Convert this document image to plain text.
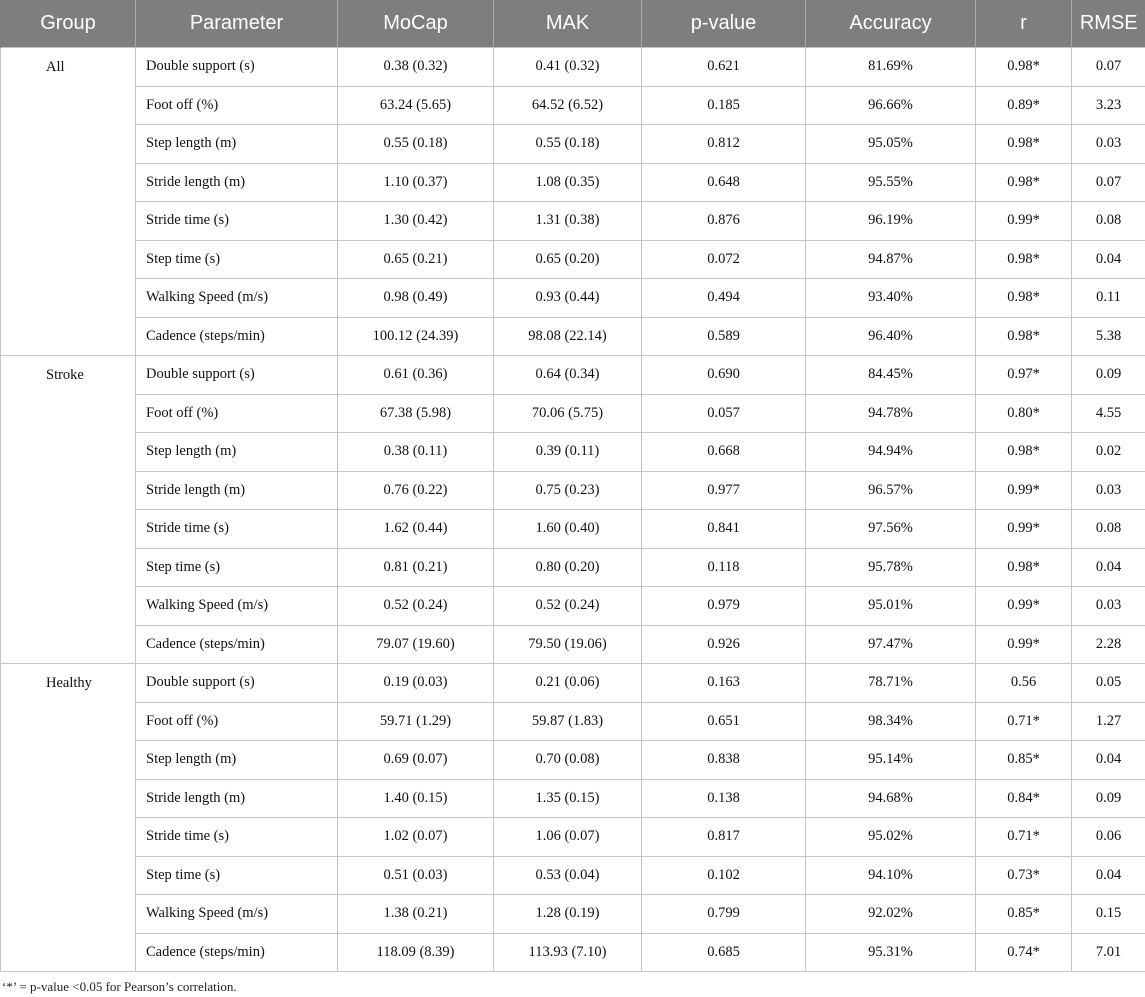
Group	Parameter	MoCap	MAK	p-value	Accuracy	r	RMSE
All	Double support (s)	0.38 (0.32)	0.41 (0.32)	0.621	81.69%	0.98*	0.07
	Foot off (%)	63.24 (5.65)	64.52 (6.52)	0.185	96.66%	0.89*	3.23
	Step length (m)	0.55 (0.18)	0.55 (0.18)	0.812	95.05%	0.98*	0.03
	Stride length (m)	1.10 (0.37)	1.08 (0.35)	0.648	95.55%	0.98*	0.07
	Stride time (s)	1.30 (0.42)	1.31 (0.38)	0.876	96.19%	0.99*	0.08
	Step time (s)	0.65 (0.21)	0.65 (0.20)	0.072	94.87%	0.98*	0.04
	Walking Speed (m/s)	0.98 (0.49)	0.93 (0.44)	0.494	93.40%	0.98*	0.11
	Cadence (steps/min)	100.12 (24.39)	98.08 (22.14)	0.589	96.40%	0.98*	5.38
Stroke	Double support (s)	0.61 (0.36)	0.64 (0.34)	0.690	84.45%	0.97*	0.09
	Foot off (%)	67.38 (5.98)	70.06 (5.75)	0.057	94.78%	0.80*	4.55
	Step length (m)	0.38 (0.11)	0.39 (0.11)	0.668	94.94%	0.98*	0.02
	Stride length (m)	0.76 (0.22)	0.75 (0.23)	0.977	96.57%	0.99*	0.03
	Stride time (s)	1.62 (0.44)	1.60 (0.40)	0.841	97.56%	0.99*	0.08
	Step time (s)	0.81 (0.21)	0.80 (0.20)	0.118	95.78%	0.98*	0.04
	Walking Speed (m/s)	0.52 (0.24)	0.52 (0.24)	0.979	95.01%	0.99*	0.03
	Cadence (steps/min)	79.07 (19.60)	79.50 (19.06)	0.926	97.47%	0.99*	2.28
Healthy	Double support (s)	0.19 (0.03)	0.21 (0.06)	0.163	78.71%	0.56	0.05
	Foot off (%)	59.71 (1.29)	59.87 (1.83)	0.651	98.34%	0.71*	1.27
	Step length (m)	0.69 (0.07)	0.70 (0.08)	0.838	95.14%	0.85*	0.04
	Stride length (m)	1.40 (0.15)	1.35 (0.15)	0.138	94.68%	0.84*	0.09
	Stride time (s)	1.02 (0.07)	1.06 (0.07)	0.817	95.02%	0.71*	0.06
	Step time (s)	0.51 (0.03)	0.53 (0.04)	0.102	94.10%	0.73*	0.04
	Walking Speed (m/s)	1.38 (0.21)	1.28 (0.19)	0.799	92.02%	0.85*	0.15
	Cadence (steps/min)	118.09 (8.39)	113.93 (7.10)	0.685	95.31%	0.74*	7.01

‘*’ = p-value <0.05 for Pearson’s correlation.
